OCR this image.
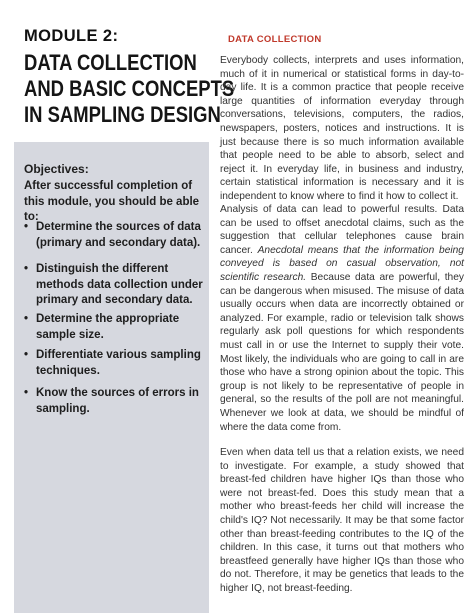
MODULE 2:
DATA COLLECTION
AND BASIC CONCEPTS
IN SAMPLING DESIGN
Objectives:
After successful completion of this module, you should be able to:
• Determine the sources of data (primary and secondary data).
• Distinguish the different methods data collection under primary and secondary data.
• Determine the appropriate sample size.
• Differentiate various sampling techniques.
• Know the sources of errors in sampling.
DATA COLLECTION
Everybody collects, interprets and uses information, much of it in numerical or statistical forms in day-to-day life. It is a common practice that people receive large quantities of information everyday through conversations, televisions, computers, the radios, newspapers, posters, notices and instructions. It is just because there is so much information available that people need to be able to absorb, select and reject it. In everyday life, in business and industry, certain statistical information is necessary and it is independent to know where to find it how to collect it.
Analysis of data can lead to powerful results. Data can be used to offset anecdotal claims, such as the suggestion that cellular telephones cause brain cancer. Anecdotal means that the information being conveyed is based on casual observation, not scientific research. Because data are powerful, they can be dangerous when misused. The misuse of data usually occurs when data are incorrectly obtained or analyzed. For example, radio or television talk shows regularly ask poll questions for which respondents must call in or use the Internet to supply their vote. Most likely, the individuals who are going to call in are those who have a strong opinion about the topic. This group is not likely to be representative of people in general, so the results of the poll are not meaningful. Whenever we look at data, we should be mindful of where the data come from.
Even when data tell us that a relation exists, we need to investigate. For example, a study showed that breast-fed children have higher IQs than those who were not breast-fed. Does this study mean that a mother who breast-feeds her child will increase the child's IQ? Not necessarily. It may be that some factor other than breast-feeding contributes to the IQ of the children. In this case, it turns out that mothers who breastfeed generally have higher IQs than those who do not. Therefore, it may be genetics that leads to the higher IQ, not breast-feeding.
